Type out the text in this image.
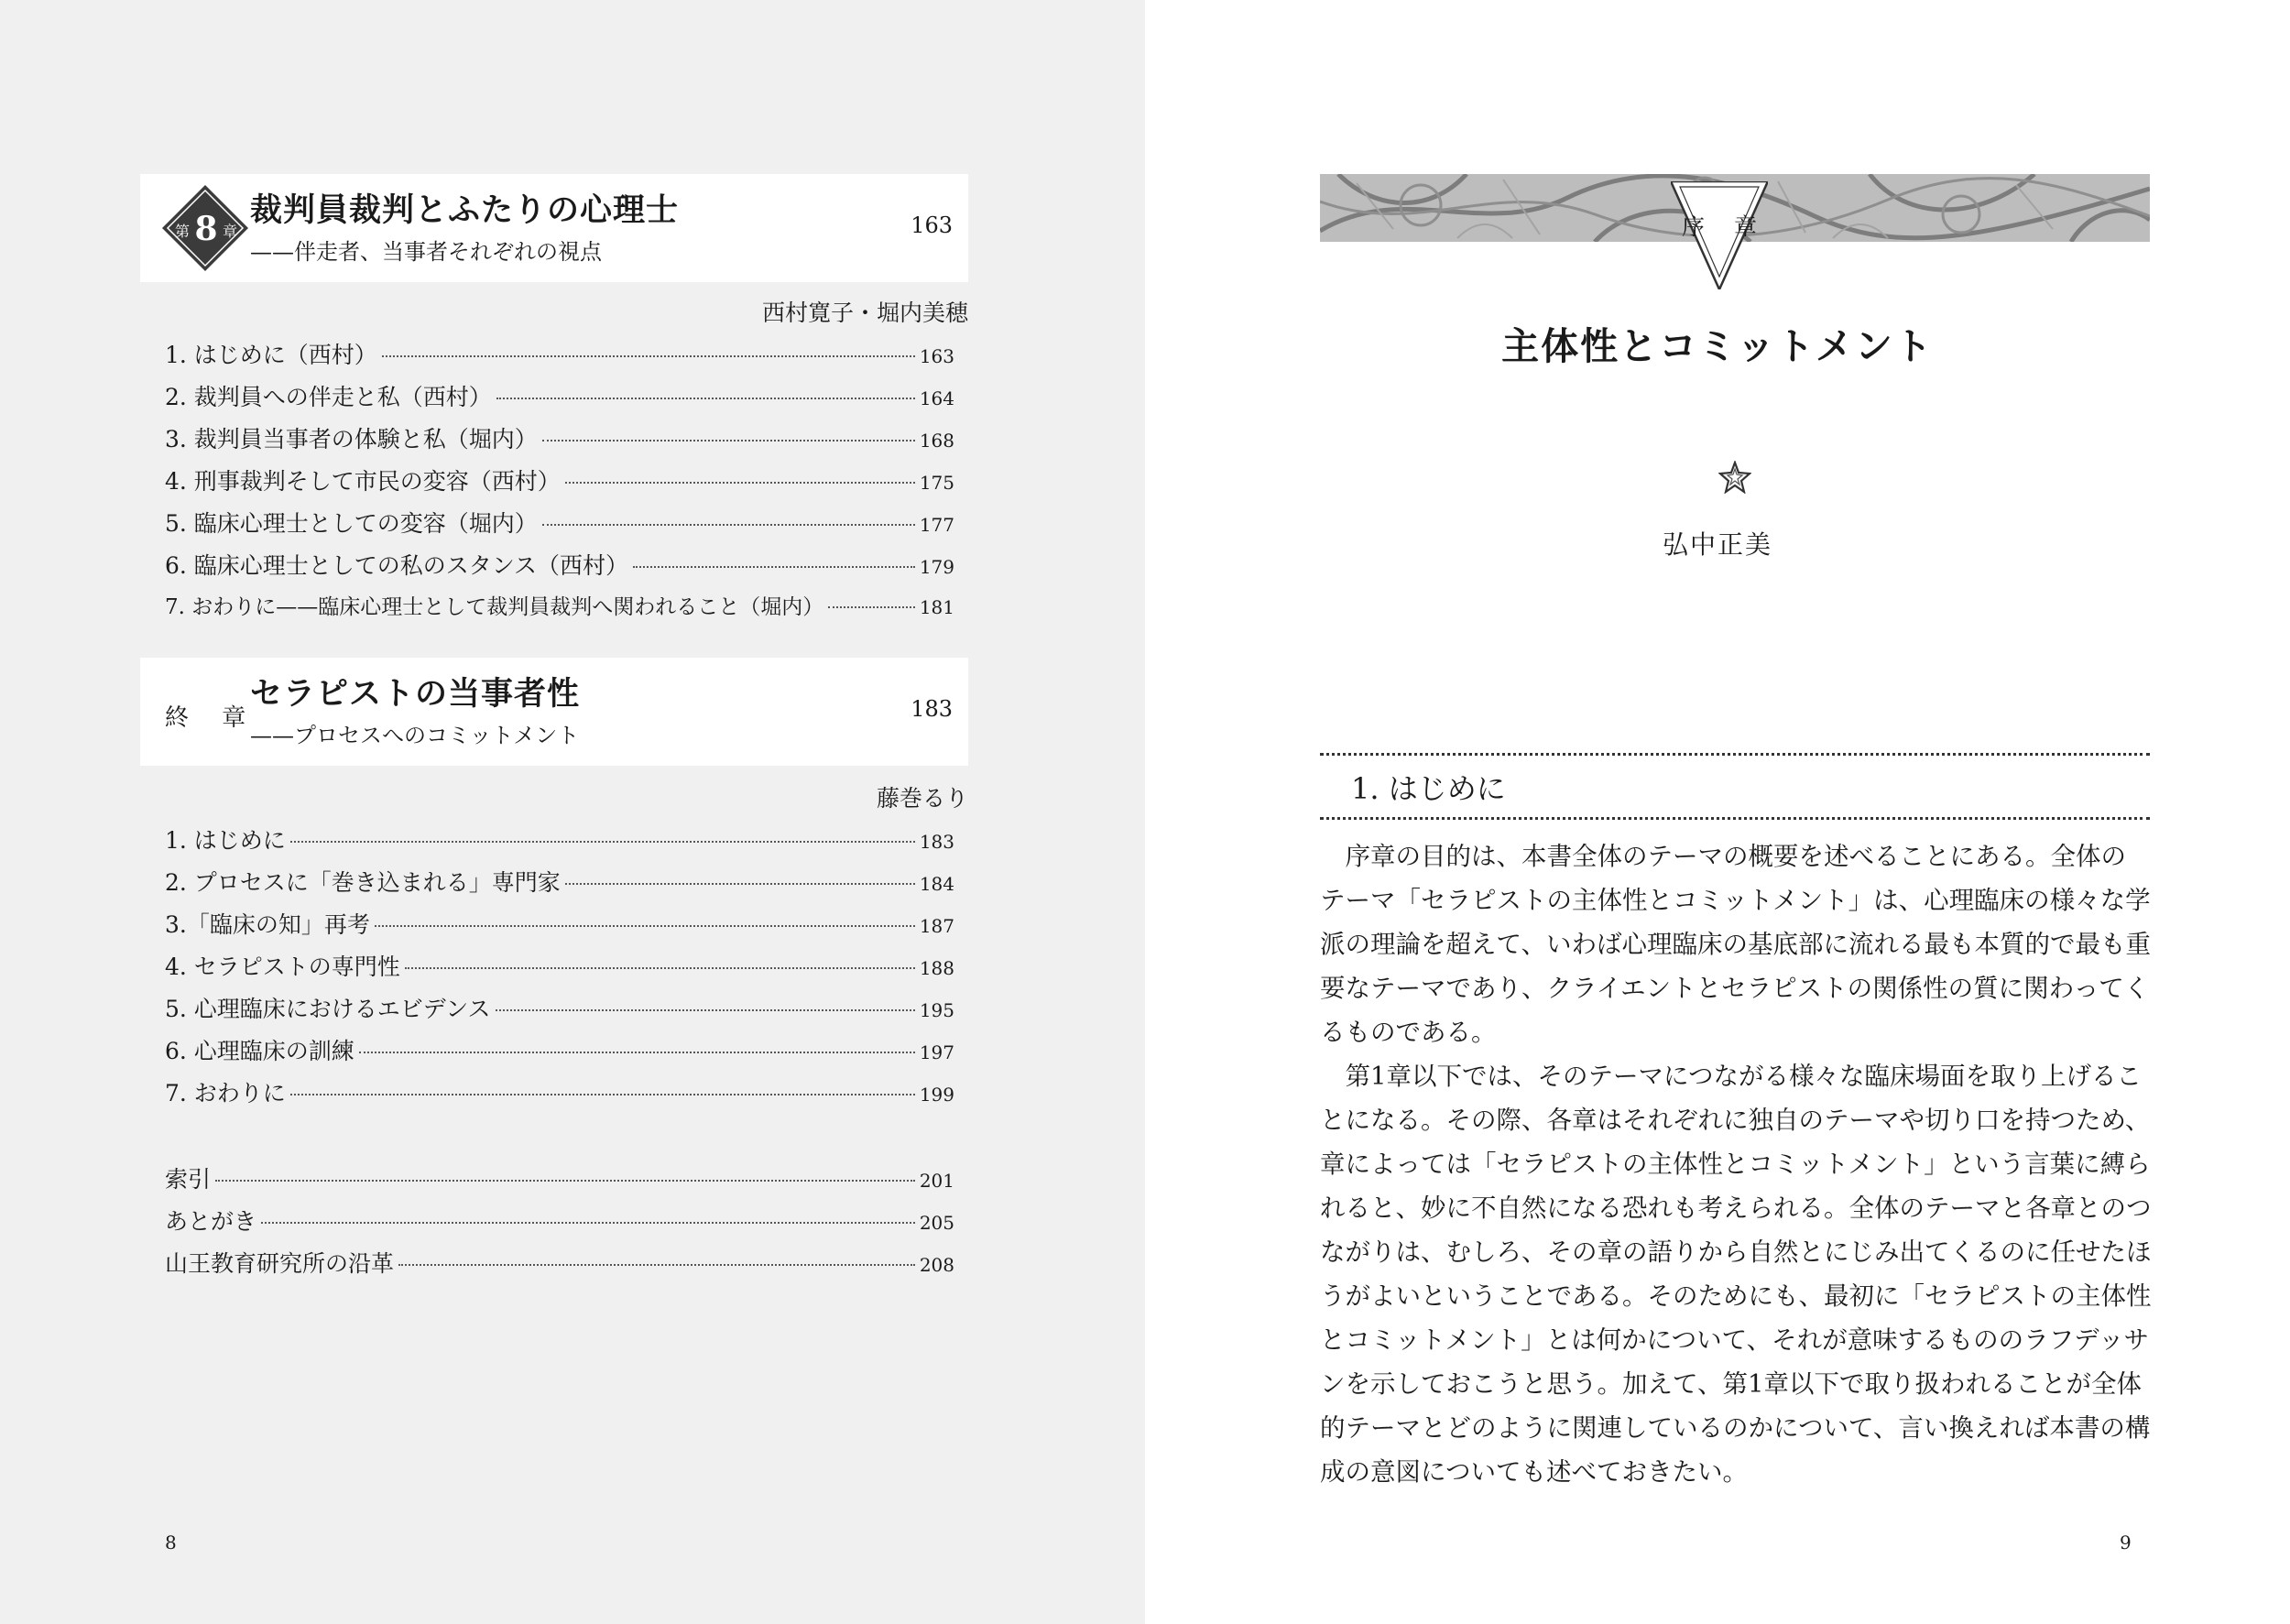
第 8 章
裁判員裁判とふたりの心理士
——伴走者、当事者それぞれの視点
163
西村寛子・堀内美穂
1. はじめに（西村）	163
2. 裁判員への伴走と私（西村）	164
3. 裁判員当事者の体験と私（堀内）	168
4. 刑事裁判そして市民の変容（西村）	175
5. 臨床心理士としての変容（堀内）	177
6. 臨床心理士としての私のスタンス（西村）	179
7. おわりに——臨床心理士として裁判員裁判へ関われること（堀内）	181
終 章
セラピストの当事者性
——プロセスへのコミットメント
183
藤巻るり
1. はじめに	183
2. プロセスに「巻き込まれる」専門家	184
3.「臨床の知」再考	187
4. セラピストの専門性	188
5. 心理臨床におけるエビデンス	195
6. 心理臨床の訓練	197
7. おわりに	199
索引	201
あとがき	205
山王教育研究所の沿革	208
8
序 章
主体性とコミットメント
弘中正美
1. はじめに
　序章の目的は、本書全体のテーマの概要を述べることにある。全体の
テーマ「セラピストの主体性とコミットメント」は、心理臨床の様々な学
派の理論を超えて、いわば心理臨床の基底部に流れる最も本質的で最も重
要なテーマであり、クライエントとセラピストの関係性の質に関わってく
るものである。
　第1章以下では、そのテーマにつながる様々な臨床場面を取り上げるこ
とになる。その際、各章はそれぞれに独自のテーマや切り口を持つため、
章によっては「セラピストの主体性とコミットメント」という言葉に縛ら
れると、妙に不自然になる恐れも考えられる。全体のテーマと各章とのつ
ながりは、むしろ、その章の語りから自然とにじみ出てくるのに任せたほ
うがよいということである。そのためにも、最初に「セラピストの主体性
とコミットメント」とは何かについて、それが意味するもののラフデッサ
ンを示しておこうと思う。加えて、第1章以下で取り扱われることが全体
的テーマとどのように関連しているのかについて、言い換えれば本書の構
成の意図についても述べておきたい。
9
